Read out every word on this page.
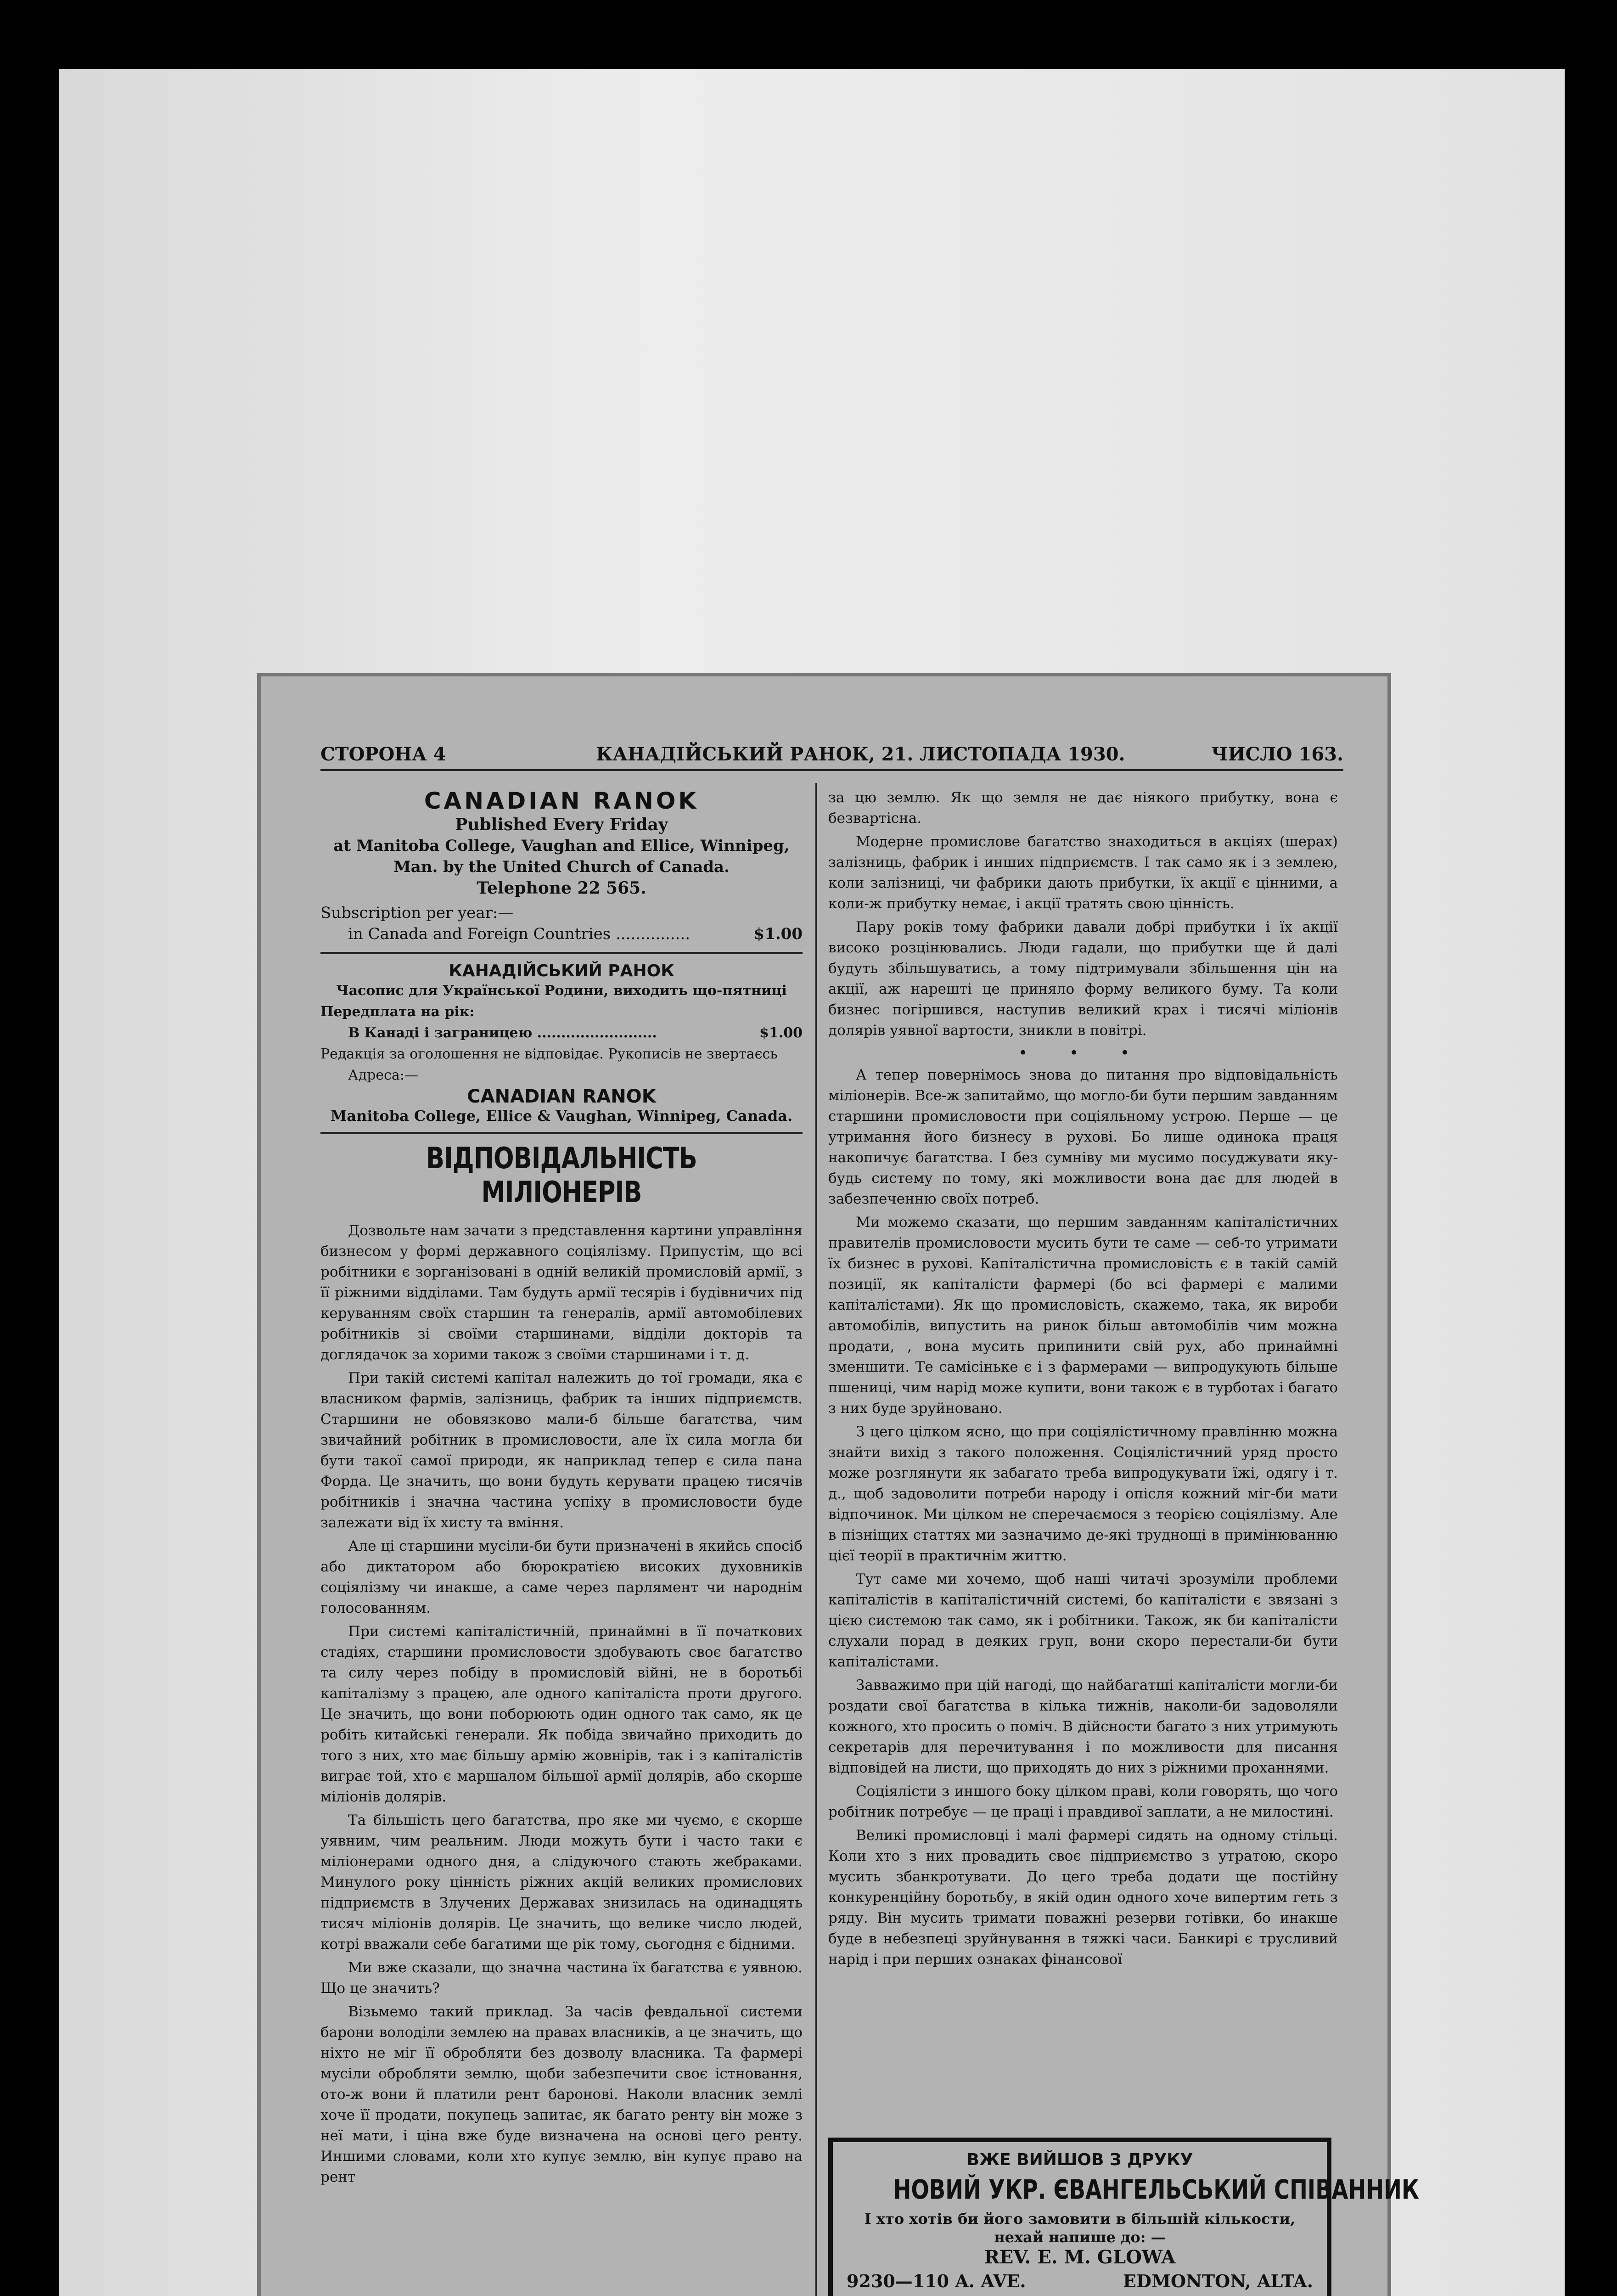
СТОРОНА 4	КАНАДІЙСЬКИЙ РАНОК, 21. ЛИСТОПАДА 1930.	ЧИСЛО 163.
CANADIAN RANOK
Published Every Friday
at Manitoba College, Vaughan and Ellice, Winnipeg, Man. by the United Church of Canada.
Telephone 22 565.
Subscription per year:—
in Canada and Foreign Countries ...............	$1.00
КАНАДІЙСЬКИЙ РАНОК
Часопис для Української Родини, виходить що-пятниці
Передплата на рік:
В Канаді і заграницею .........................	$1.00
Редакція за оголошення не відповідає. Рукописів не звертаєсь
Адреса:—
CANADIAN RANOK
Manitoba College, Ellice & Vaughan, Winnipeg, Canada.
ВІДПОВІДАЛЬНІСТЬ МІЛІОНЕРІВ

Дозвольте нам зачати з представлення картини управління бизнесом у формі державного соціялізму. Припустім, що всі робітники є зорганізовані в одній великій промисловій армії, з її ріжними відділами. Там будуть армії тесярів і будівничих під керуванням своїх старшин та генералів, армії автомобілевих робітників зі своїми старшинами, відділи докторів та доглядачок за хорими також з своїми старшинами і т. д.

При такій системі капітал належить до тої громади, яка є власником фармів, залізниць, фабрик та інших підприємств. Старшини не обовязково мали-б більше багатства, чим звичайний робітник в промисловости, але їх сила могла би бути такої самої природи, як наприклад тепер є сила пана Форда. Це значить, що вони будуть керувати працею тисячів робітників і значна частина успіху в промисловости буде залежати від їх хисту та вміння.

Але ці старшини мусіли-би бути призначені в якийсь спосіб або диктатором або бюрократією високих духовників соціялізму чи инакше, а саме через парлямент чи народнім голосованням.

При системі капіталістичній, принаймні в її початкових стадіях, старшини промисловости здобувають своє багатство та силу через побіду в промисловій війні, не в боротьбі капіталізму з працею, але одного капіталіста проти другого. Це значить, що вони поборюють один одного так само, як це робіть китайські генерали. Як побіда звичайно приходить до того з них, хто має більшу армію жовнірів, так і з капіталістів виграє той, хто є маршалом більшої армії долярів, або скорше міліонів долярів.

Та більшість цего багатства, про яке ми чуємо, є скорше уявним, чим реальним. Люди можуть бути і часто таки є міліонерами одного дня, а слідуючого стають жебраками. Минулого року цінність ріжних акцій великих промислових підприємств в Злучених Державах знизилась на одинадцять тисяч міліонів долярів. Це значить, що велике число людей, котрі вважали себе багатими ще рік тому, сьогодня є бідними.

Ми вже сказали, що значна частина їх багатства є уявною. Що це значить?

Візьмемо такий приклад. За часів февдальної системи барони володіли землею на правах власників, а це значить, що ніхто не міг її обробляти без дозволу власника. Та фармері мусіли обробляти землю, щоби забезпечити своє істновання, ото-ж вони й платили рент баронові. Наколи власник землі хоче її продати, покупець запитає, як багато ренту він може з неї мати, і ціна вже буде визначена на основі цего ренту. Иншими словами, коли хто купує землю, він купує право на рент

за цю землю. Як що земля не дає ніякого прибутку, вона є безвартісна.

Модерне промислове багатство знаходиться в акціях (шерах) залізниць, фабрик і инших підприємств. І так само як і з землею, коли залізниці, чи фабрики дають прибутки, їх акції є цінними, а коли-ж прибутку немає, і акції тратять свою цінність.

Пару років тому фабрики давали добрі прибутки і їх акції високо розцінювались. Люди гадали, що прибутки ще й далі будуть збільшуватись, а тому підтримували збільшення цін на акції, аж нарешті це приняло форму великого буму. Та коли бизнес погіршився, наступив великий крах і тисячі міліонів долярів уявної вартости, зникли в повітрі.

• • •

А тепер повернімось знова до питання про відповідальність міліонерів. Все-ж запитаймо, що могло-би бути першим завданням старшини промисловости при соціяльному устрою. Перше — це утримання його бизнесу в рухові. Бо лише одинока праця накопичує багатства. І без сумніву ми мусимо посуджувати яку-будь систему по тому, які можливости вона дає для людей в забезпеченню своїх потреб.

Ми можемо сказати, що першим завданням капіталістичних правителів промисловости мусить бути те саме — себ-то утримати їх бизнес в рухові. Капіталістична промисловість є в такій самій позиції, як капіталісти фармері (бо всі фармері є малими капіталістами). Як що промисловість, скажемо, така, як вироби автомобілів, випустить на ринок більш автомобілів чим можна продати, , вона мусить припинити свій рух, або принаймні зменшити. Те самісіньке є і з фармерами — випродукують більше пшениці, чим нарід може купити, вони також є в турботах і багато з них буде зруйновано.

З цего цілком ясно, що при соціялістичному правлінню можна знайти вихід з такого положення. Соціялістичний уряд просто може розглянути як забагато треба випродукувати їжі, одягу і т. д., щоб задоволити потреби народу і опісля кожний міг-би мати відпочинок. Ми цілком не сперечаємося з теорією соціялізму. Але в пізніщих статтях ми зазначимо де-які труднощі в примінюванню цієї теорії в практичнім життю.

Тут саме ми хочемо, щоб наші читачі зрозуміли проблеми капіталістів в капіталістичній системі, бо капіталісти є звязані з цією системою так само, як і робітники. Також, як би капіталісти слухали порад в деяких груп, вони скоро перестали-би бути капіталістами.

Завважимо при цій нагоді, що найбагатші капіталісти могли-би роздати свої багатства в кілька тижнів, наколи-би задоволяли кожного, хто просить о поміч. В дійсности багато з них утримують секретарів для перечитування і по можливости для писання відповідей на листи, що приходять до них з ріжними проханнями.

Соціялісти з иншого боку цілком праві, коли говорять, що чого робітник потребує — це праці і правдивої заплати, а не милостині.

Великі промисловці і малі фармері сидять на одному стільці. Коли хто з них провадить своє підприємство з утратою, скоро мусить збанкротувати. До цего треба додати ще постійну конкуренційну боротьбу, в якій один одного хоче випертим геть з ряду. Він мусить тримати поважні резерви готівки, бо инакше буде в небезпеці зруйнування в тяжкі часи. Банкирі є трусливий нарід і при перших ознаках фінансової

ВЖЕ ВИЙШОВ З ДРУКУ
НОВИЙ УКР. ЄВАНГЕЛЬСЬКИЙ СПІВАННИК
І хто хотів би його замовити в більшій кількости, нехай напише до: —
REV. E. M. GLOWA
9230—110 A. AVE.	EDMONTON, ALTA.
